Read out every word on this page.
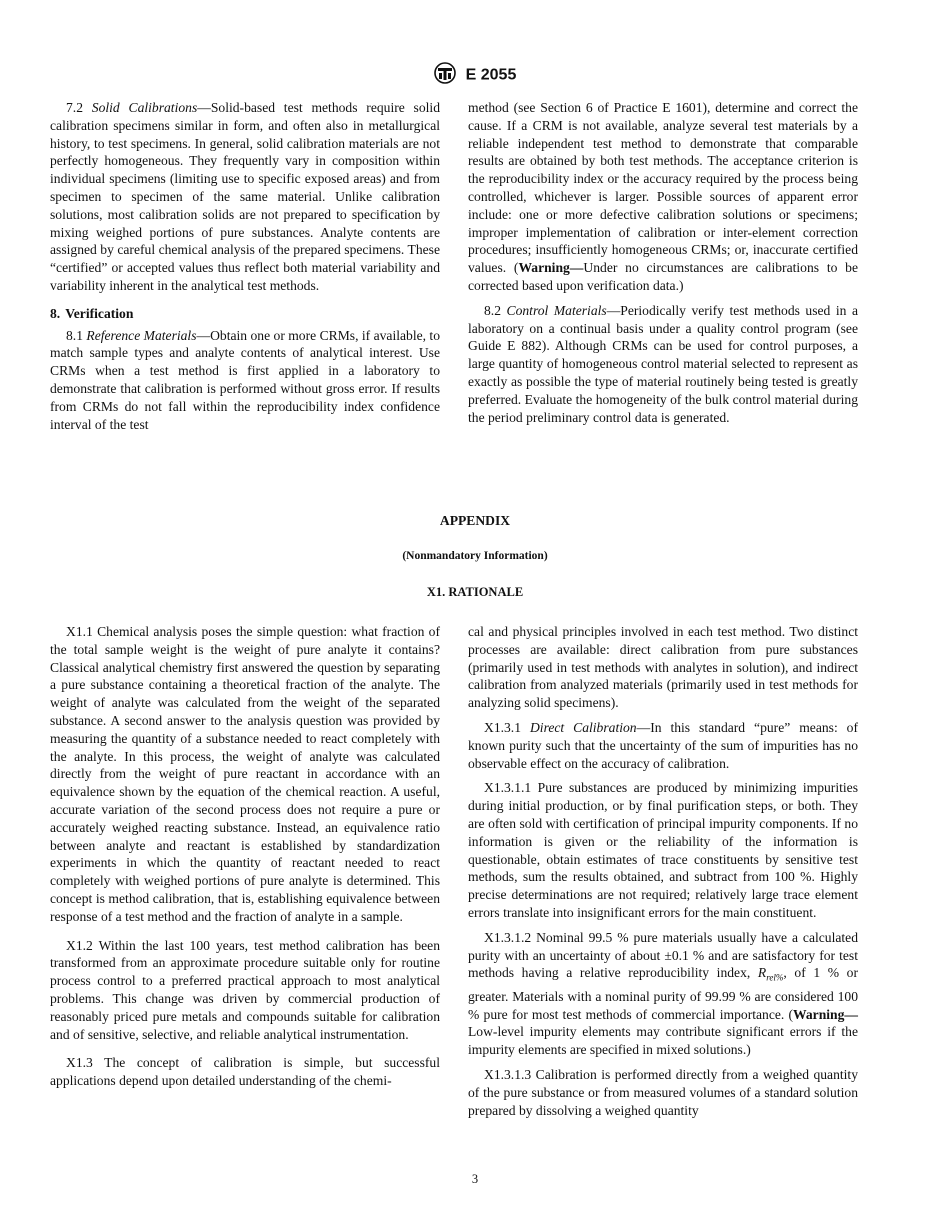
E 2055

7.2 Solid Calibrations—Solid-based test methods require solid calibration specimens similar in form, and often also in metallurgical history, to test specimens. In general, solid calibration materials are not perfectly homogeneous. They frequently vary in composition within individual specimens (limiting use to specific exposed areas) and from specimen to specimen of the same material. Unlike calibration solutions, most calibration solids are not prepared to specification by mixing weighed portions of pure substances. Analyte contents are assigned by careful chemical analysis of the prepared specimens. These “certified” or accepted values thus reflect both material variability and variability inherent in the analytical test methods.

8. Verification

8.1 Reference Materials—Obtain one or more CRMs, if available, to match sample types and analyte contents of analytical interest. Use CRMs when a test method is first applied in a laboratory to demonstrate that calibration is performed without gross error. If results from CRMs do not fall within the reproducibility index confidence interval of the test

method (see Section 6 of Practice E 1601), determine and correct the cause. If a CRM is not available, analyze several test materials by a reliable independent test method to demonstrate that comparable results are obtained by both test methods. The acceptance criterion is the reproducibility index or the accuracy required by the process being controlled, whichever is larger. Possible sources of apparent error include: one or more defective calibration solutions or specimens; improper implementation of calibration or inter-element correction procedures; insufficiently homogeneous CRMs; or, inaccurate certified values. (Warning—Under no circumstances are calibrations to be corrected based upon verification data.)

8.2 Control Materials—Periodically verify test methods used in a laboratory on a continual basis under a quality control program (see Guide E 882). Although CRMs can be used for control purposes, a large quantity of homogeneous control material selected to represent as exactly as possible the type of material routinely being tested is greatly preferred. Evaluate the homogeneity of the bulk control material during the period preliminary control data is generated.

APPENDIX
(Nonmandatory Information)
X1. RATIONALE

X1.1 Chemical analysis poses the simple question: what fraction of the total sample weight is the weight of pure analyte it contains? Classical analytical chemistry first answered the question by separating a pure substance containing a theoretical fraction of the analyte. The weight of analyte was calculated from the weight of the separated substance. A second answer to the analysis question was provided by measuring the quantity of a substance needed to react completely with the analyte. In this process, the weight of analyte was calculated directly from the weight of pure reactant in accordance with an equivalence shown by the equation of the chemical reaction. A useful, accurate variation of the second process does not require a pure or accurately weighed reacting substance. Instead, an equivalence ratio between analyte and reactant is established by standardization experiments in which the quantity of reactant needed to react completely with weighed portions of pure analyte is determined. This concept is method calibration, that is, establishing equivalence between response of a test method and the fraction of analyte in a sample.

X1.2 Within the last 100 years, test method calibration has been transformed from an approximate procedure suitable only for routine process control to a preferred practical approach to most analytical problems. This change was driven by commercial production of reasonably priced pure metals and compounds suitable for calibration and of sensitive, selective, and reliable analytical instrumentation.

X1.3 The concept of calibration is simple, but successful applications depend upon detailed understanding of the chemi-

cal and physical principles involved in each test method. Two distinct processes are available: direct calibration from pure substances (primarily used in test methods with analytes in solution), and indirect calibration from analyzed materials (primarily used in test methods for analyzing solid specimens).

X1.3.1 Direct Calibration—In this standard “pure” means: of known purity such that the uncertainty of the sum of impurities has no observable effect on the accuracy of calibration.

X1.3.1.1 Pure substances are produced by minimizing impurities during initial production, or by final purification steps, or both. They are often sold with certification of principal impurity components. If no information is given or the reliability of the information is questionable, obtain estimates of trace constituents by sensitive test methods, sum the results obtained, and subtract from 100 %. Highly precise determinations are not required; relatively large trace element errors translate into insignificant errors for the main constituent.

X1.3.1.2 Nominal 99.5 % pure materials usually have a calculated purity with an uncertainty of about ±0.1 % and are satisfactory for test methods having a relative reproducibility index, $R_{rel\%}$, of 1 % or greater. Materials with a nominal purity of 99.99 % are considered 100 % pure for most test methods of commercial importance. (Warning—Low-level impurity elements may contribute significant errors if the impurity elements are specified in mixed solutions.)

X1.3.1.3 Calibration is performed directly from a weighed quantity of the pure substance or from measured volumes of a standard solution prepared by dissolving a weighed quantity

3
